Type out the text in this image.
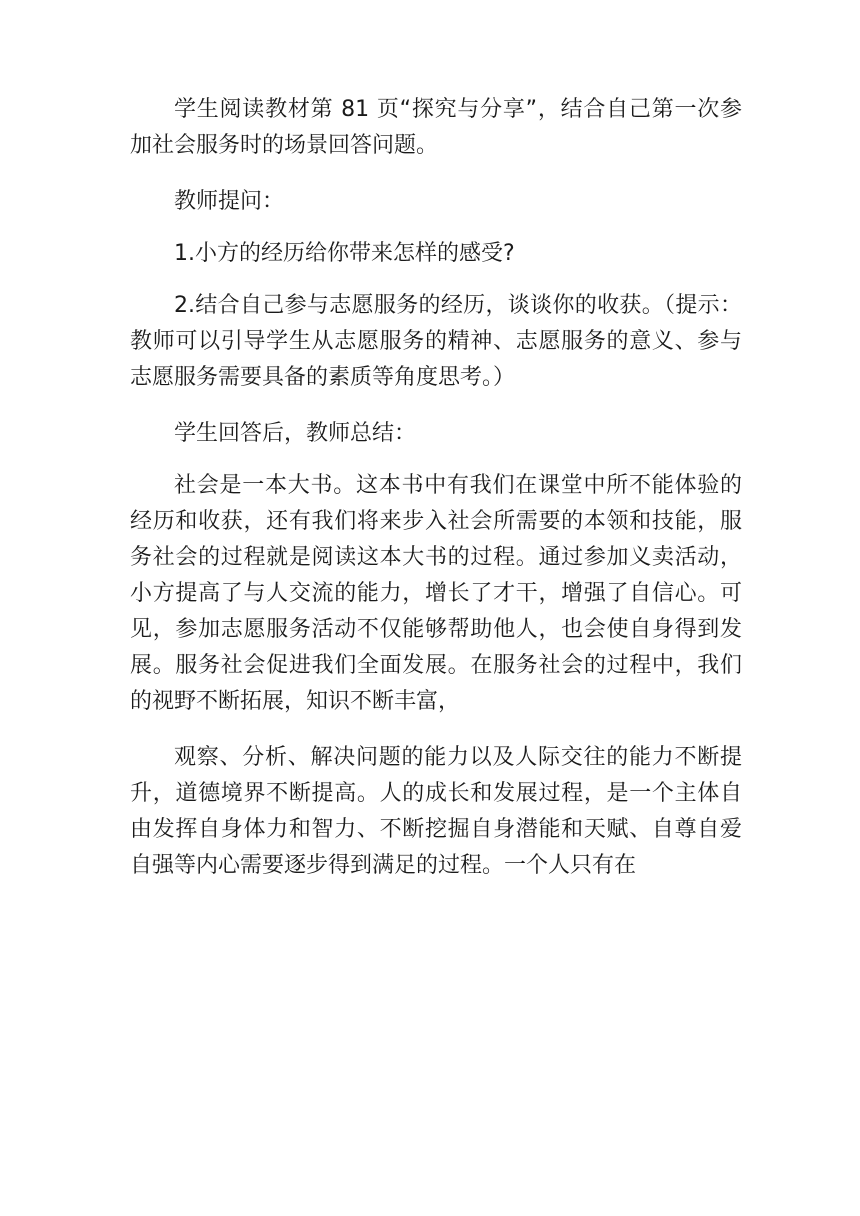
学生阅读教材第 81 页“探究与分享”，结合自己第一次参加社会服务时的场景回答问题。

教师提问：

1.小方的经历给你带来怎样的感受?

2.结合自己参与志愿服务的经历，谈谈你的收获。（提示：教师可以引导学生从志愿服务的精神、志愿服务的意义、参与志愿服务需要具备的素质等角度思考。）

学生回答后，教师总结：

社会是一本大书。这本书中有我们在课堂中所不能体验的经历和收获，还有我们将来步入社会所需要的本领和技能，服务社会的过程就是阅读这本大书的过程。通过参加义卖活动，小方提高了与人交流的能力，增长了才干，增强了自信心。可见，参加志愿服务活动不仅能够帮助他人，也会使自身得到发展。服务社会促进我们全面发展。在服务社会的过程中，我们的视野不断拓展，知识不断丰富，

观察、分析、解决问题的能力以及人际交往的能力不断提升，道德境界不断提高。人的成长和发展过程，是一个主体自由发挥自身体力和智力、不断挖掘自身潜能和天赋、自尊自爱自强等内心需要逐步得到满足的过程。一个人只有在
